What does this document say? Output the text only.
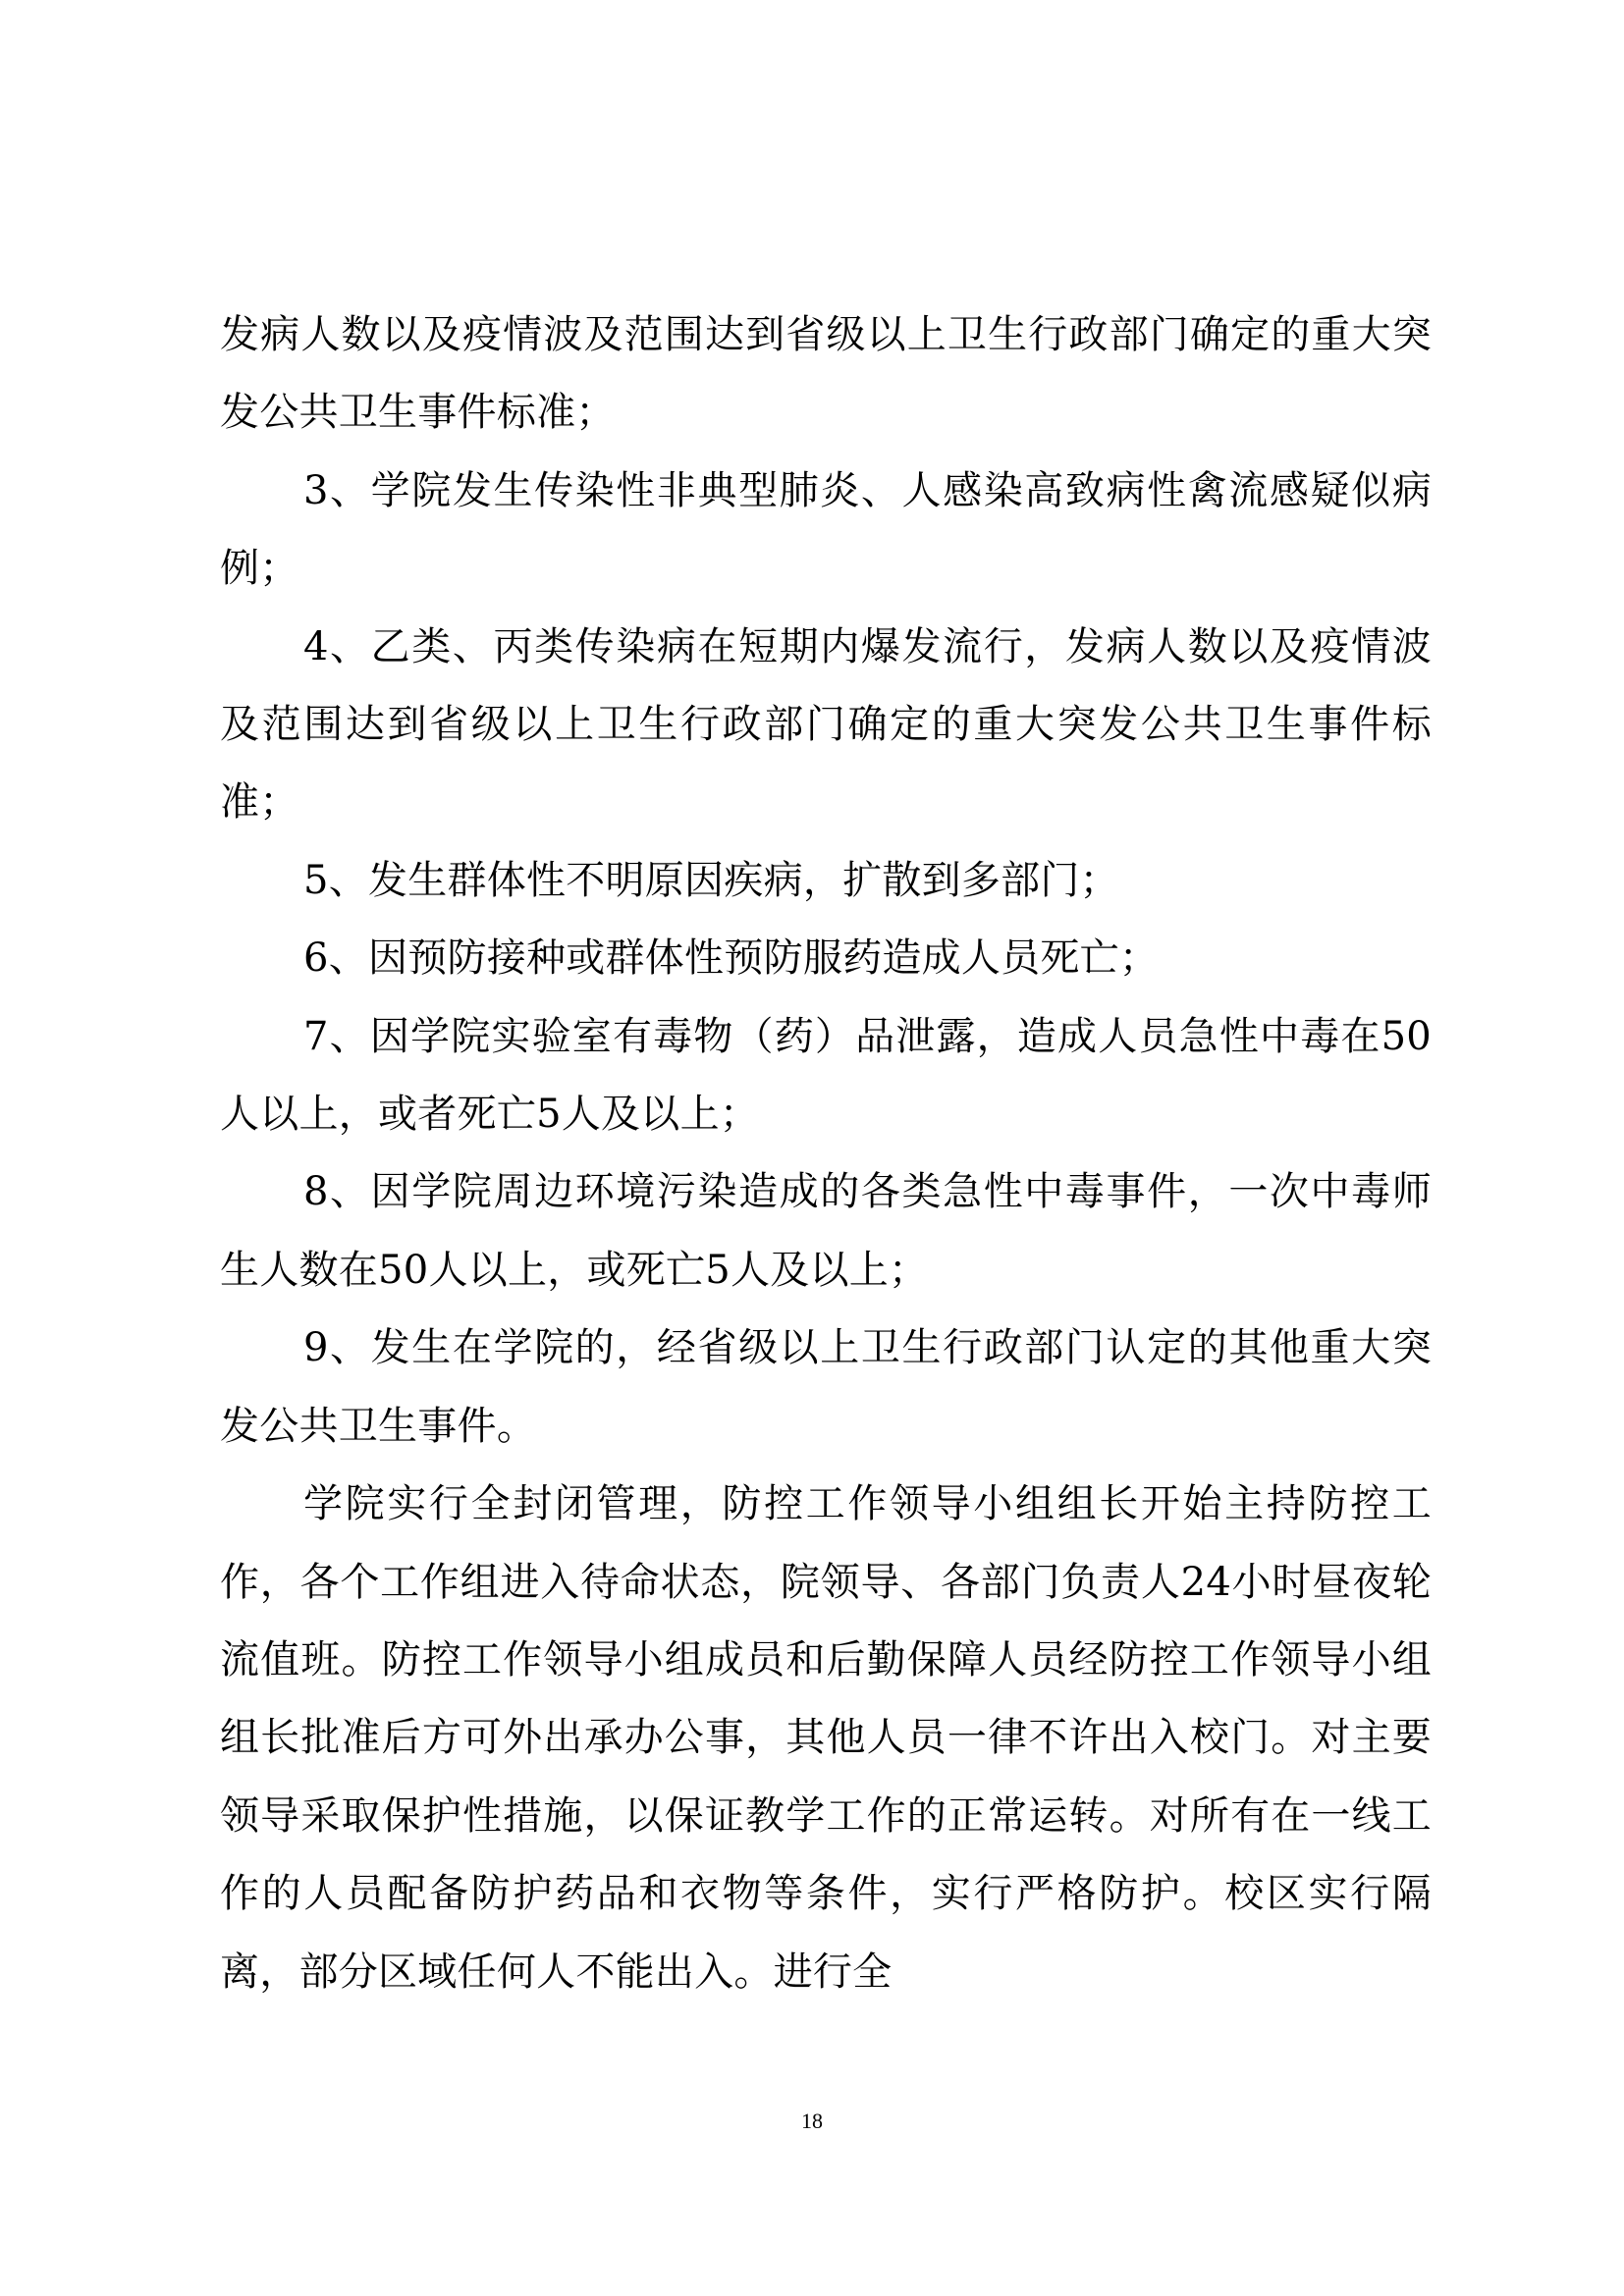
发病人数以及疫情波及范围达到省级以上卫生行政部门确定的重大突发公共卫生事件标准；

3、学院发生传染性非典型肺炎、人感染高致病性禽流感疑似病例；

4、乙类、丙类传染病在短期内爆发流行，发病人数以及疫情波及范围达到省级以上卫生行政部门确定的重大突发公共卫生事件标准；

5、发生群体性不明原因疾病，扩散到多部门；

6、因预防接种或群体性预防服药造成人员死亡；

7、因学院实验室有毒物（药）品泄露，造成人员急性中毒在50人以上，或者死亡5人及以上；

8、因学院周边环境污染造成的各类急性中毒事件，一次中毒师生人数在50人以上，或死亡5人及以上；

9、发生在学院的，经省级以上卫生行政部门认定的其他重大突发公共卫生事件。

学院实行全封闭管理，防控工作领导小组组长开始主持防控工作，各个工作组进入待命状态，院领导、各部门负责人24小时昼夜轮流值班。防控工作领导小组成员和后勤保障人员经防控工作领导小组组长批准后方可外出承办公事，其他人员一律不许出入校门。对主要领导采取保护性措施，以保证教学工作的正常运转。对所有在一线工作的人员配备防护药品和衣物等条件，实行严格防护。校区实行隔离，部分区域任何人不能出入。进行全

18
